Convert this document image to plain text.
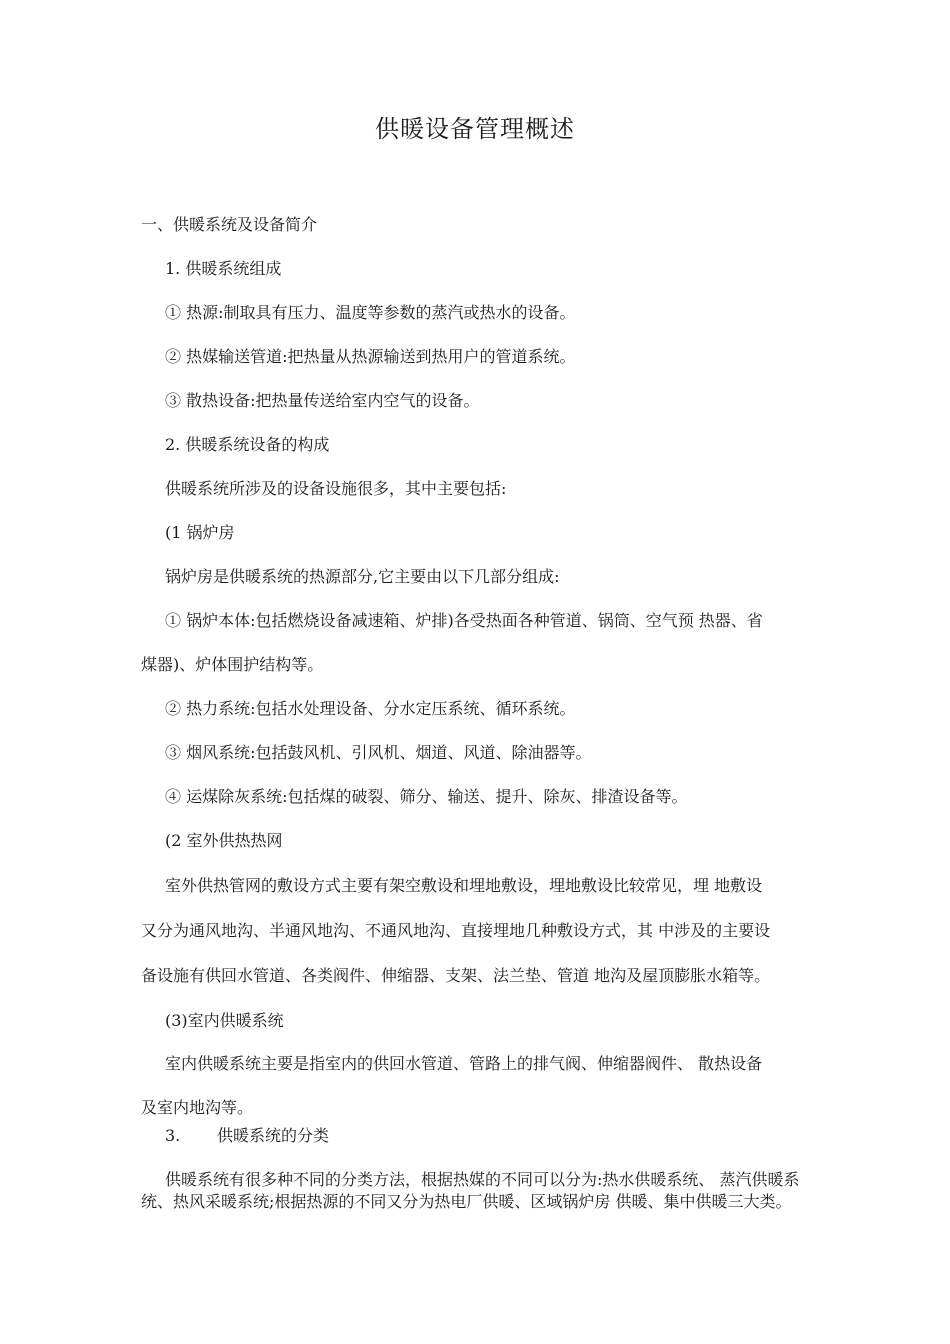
供暖设备管理概述
一、供暖系统及设备简介
1. 供暖系统组成
① 热源:制取具有压力、温度等参数的蒸汽或热水的设备。
② 热媒输送管道:把热量从热源输送到热用户的管道系统。
③ 散热设备:把热量传送给室内空气的设备。
2. 供暖系统设备的构成
供暖系统所涉及的设备设施很多，其中主要包括:
(1 锅炉房
锅炉房是供暖系统的热源部分,它主要由以下几部分组成:
① 锅炉本体:包括燃烧设备减速箱、炉排)各受热面各种管道、锅筒、空气预 热器、省
煤器)、炉体围护结构等。
② 热力系统:包括水处理设备、分水定压系统、循环系统。
③ 烟风系统:包括鼓风机、引风机、烟道、风道、除油器等。
④ 运煤除灰系统:包括煤的破裂、筛分、输送、提升、除灰、排渣设备等。
(2 室外供热热网
室外供热管网的敷设方式主要有架空敷设和埋地敷设，埋地敷设比较常见，埋 地敷设
又分为通风地沟、半通风地沟、不通风地沟、直接埋地几种敷设方式，其 中涉及的主要设
备设施有供回水管道、各类阀件、伸缩器、支架、法兰垫、管道 地沟及屋顶膨胀水箱等。
(3)室内供暖系统
室内供暖系统主要是指室内的供回水管道、管路上的排气阀、伸缩器阀件、 散热设备
及室内地沟等。
3. 供暖系统的分类
供暖系统有很多种不同的分类方法，根据热媒的不同可以分为:热水供暖系统、 蒸汽供暖系统、热风采暖系统;根据热源的不同又分为热电厂供暖、区域锅炉房 供暖、集中供暖三大类。
